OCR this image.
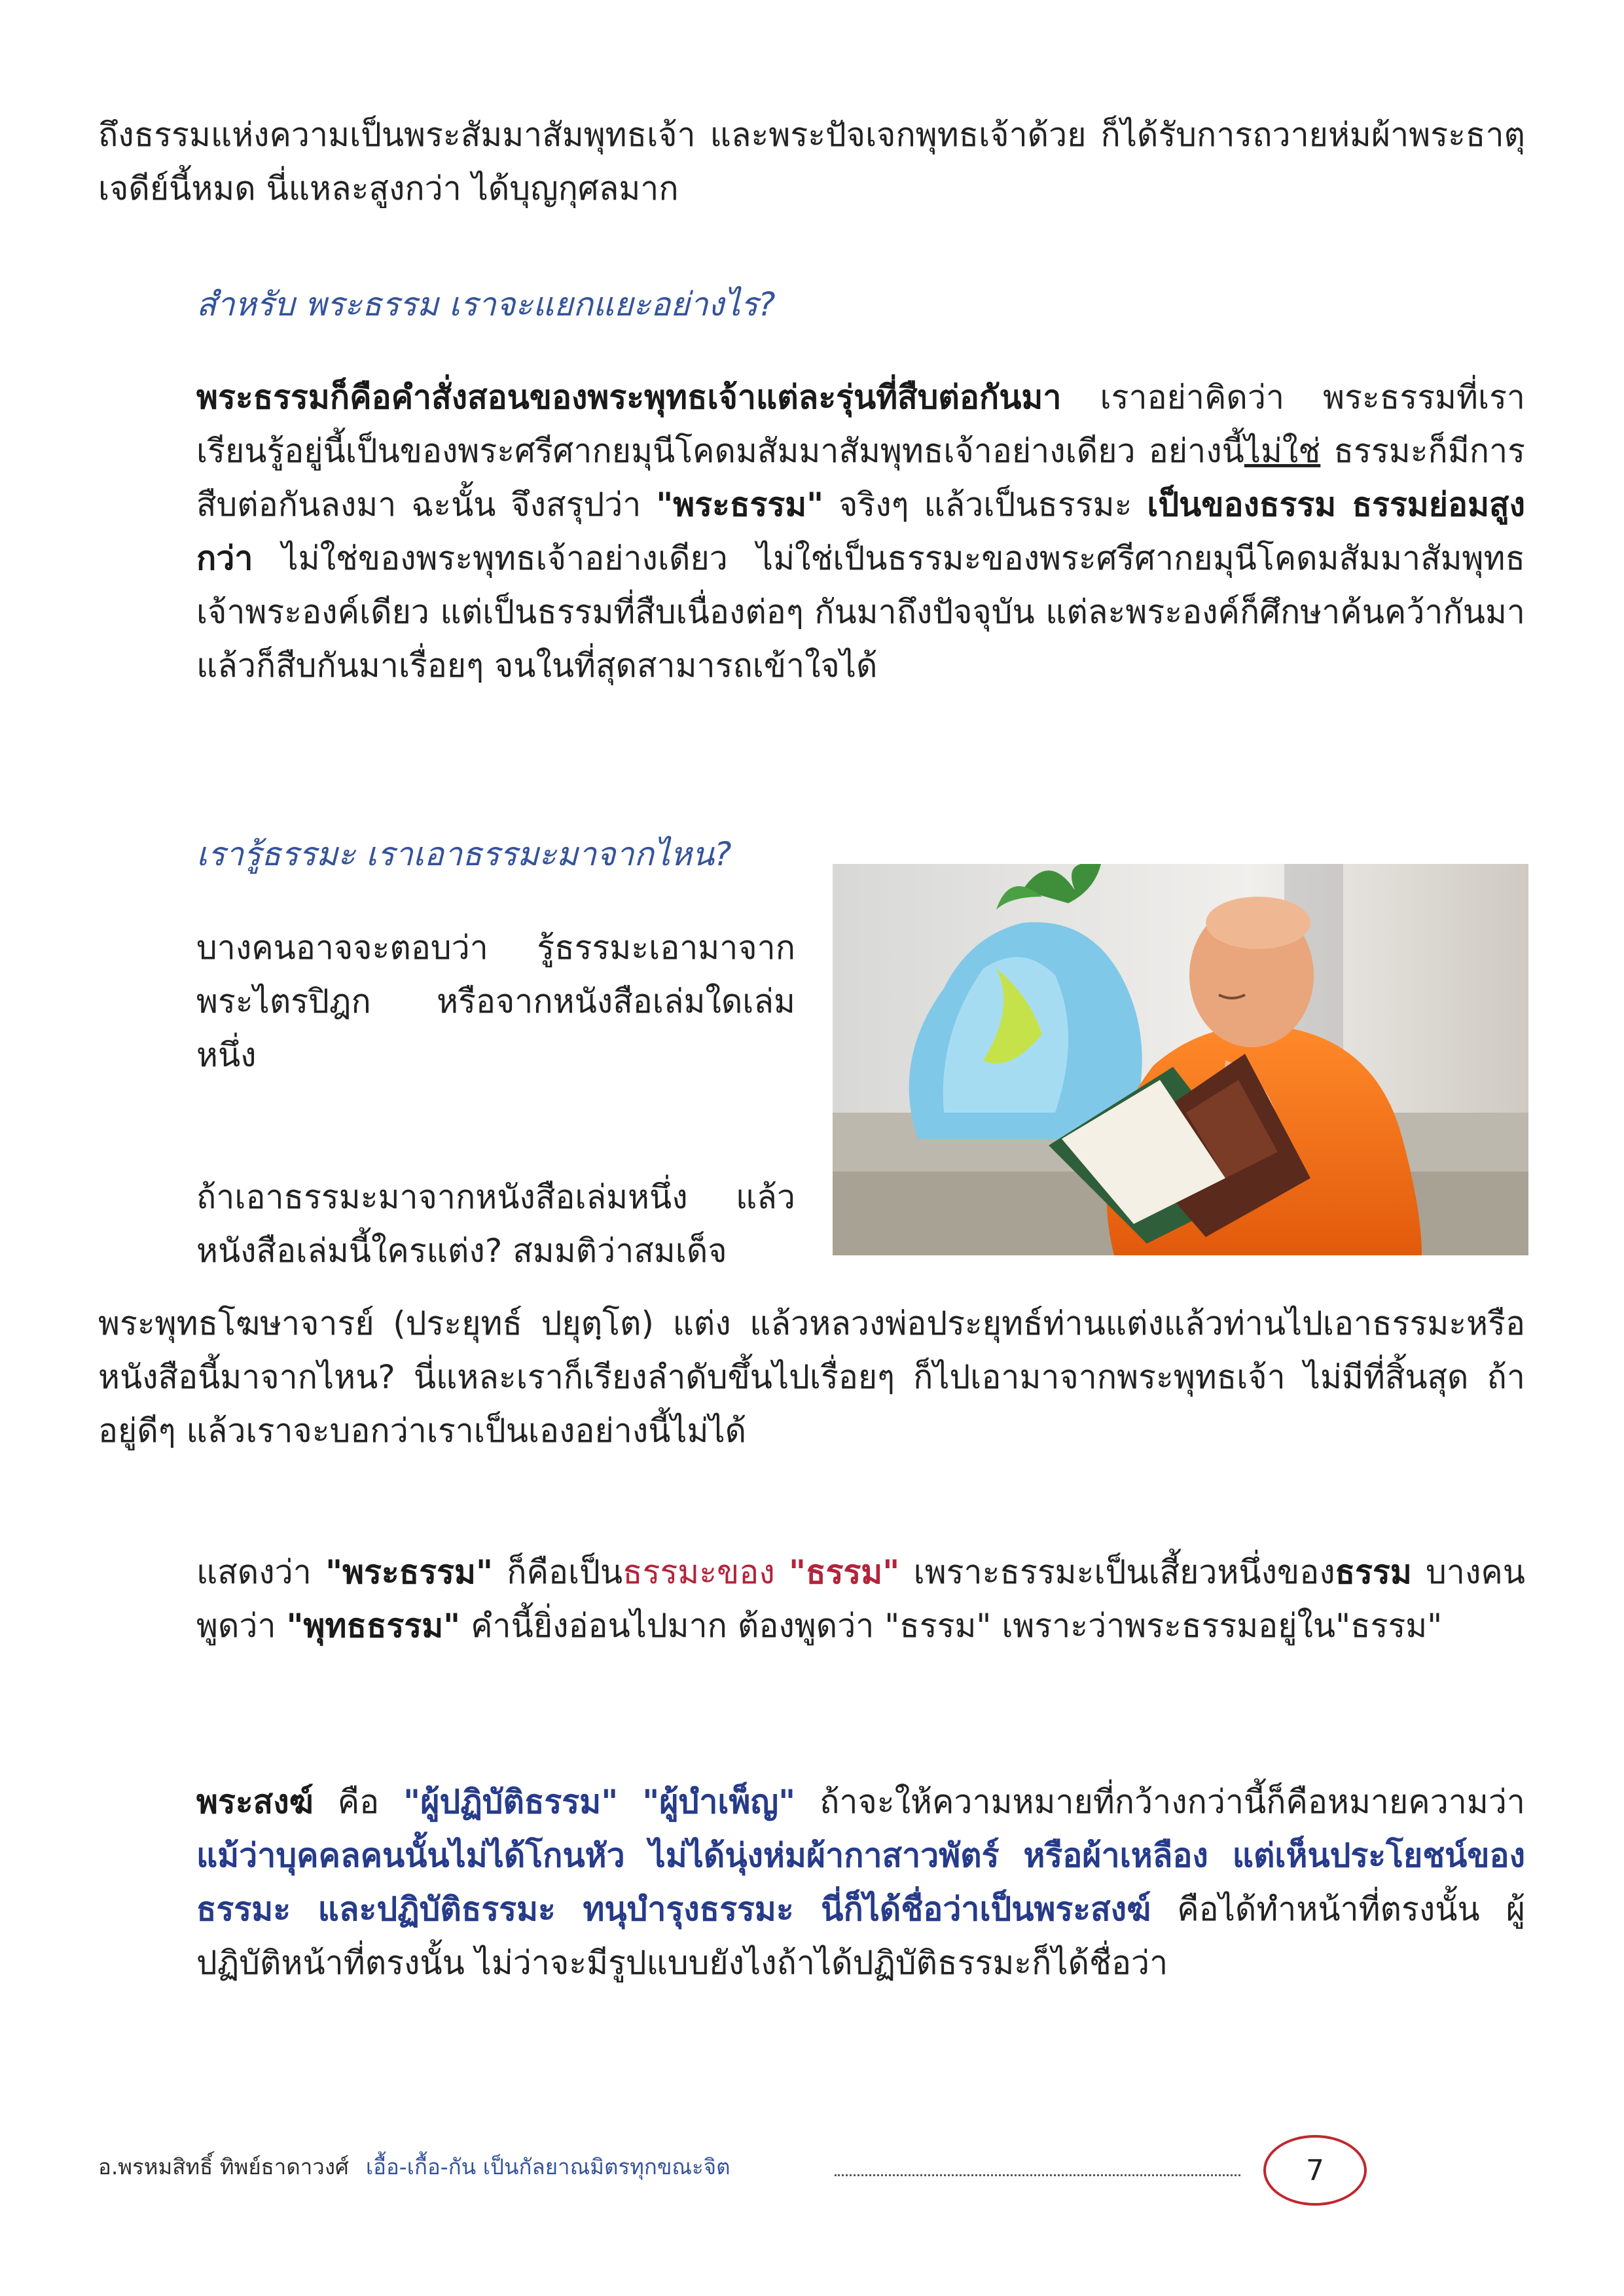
ถึงธรรมแห่งความเป็นพระสัมมาสัมพุทธเจ้า และพระปัจเจกพุทธเจ้าด้วย ก็ได้รับการถวายห่มผ้าพระธาตุเจดีย์นี้หมด นี่แหละสูงกว่า ได้บุญกุศลมาก

สำหรับ พระธรรม เราจะแยกแยะอย่างไร?

พระธรรมก็คือคำสั่งสอนของพระพุทธเจ้าแต่ละรุ่นที่สืบต่อกันมา เราอย่าคิดว่า พระธรรมที่เราเรียนรู้อยู่นี้เป็นของพระศรีศากยมุนีโคดมสัมมาสัมพุทธเจ้าอย่างเดียว อย่างนี้ไม่ใช่ ธรรมะก็มีการสืบต่อกันลงมา ฉะนั้น จึงสรุปว่า "พระธรรม" จริงๆ แล้วเป็นธรรมะ เป็นของธรรม ธรรมย่อมสูงกว่า ไม่ใช่ของพระพุทธเจ้าอย่างเดียว ไม่ใช่เป็นธรรมะของพระศรีศากยมุนีโคดมสัมมาสัมพุทธเจ้าพระองค์เดียว แต่เป็นธรรมที่สืบเนื่องต่อๆ กันมาถึงปัจจุบัน แต่ละพระองค์ก็ศึกษาค้นคว้ากันมา แล้วก็สืบกันมาเรื่อยๆ จนในที่สุดสามารถเข้าใจได้

เรารู้ธรรมะ เราเอาธรรมะมาจากไหน?

บางคนอาจจะตอบว่า รู้ธรรมะเอามาจากพระไตรปิฎก หรือจากหนังสือเล่มใดเล่มหนึ่ง

ถ้าเอาธรรมะมาจากหนังสือเล่มหนึ่ง แล้วหนังสือเล่มนี้ใครแต่ง? สมมติว่าสมเด็จ

พระพุทธโฆษาจารย์ (ประยุทธ์ ปยุตฺโต) แต่ง แล้วหลวงพ่อประยุทธ์ท่านแต่งแล้วท่านไปเอาธรรมะหรือหนังสือนี้มาจากไหน? นี่แหละเราก็เรียงลำดับขึ้นไปเรื่อยๆ ก็ไปเอามาจากพระพุทธเจ้า ไม่มีที่สิ้นสุด ถ้าอยู่ดีๆ แล้วเราจะบอกว่าเราเป็นเองอย่างนี้ไม่ได้

แสดงว่า "พระธรรม" ก็คือเป็นธรรมะของ "ธรรม" เพราะธรรมะเป็นเสี้ยวหนึ่งของธรรม บางคนพูดว่า "พุทธธรรม" คำนี้ยิ่งอ่อนไปมาก ต้องพูดว่า "ธรรม" เพราะว่าพระธรรมอยู่ใน"ธรรม"

พระสงฆ์ คือ "ผู้ปฏิบัติธรรม" "ผู้บำเพ็ญ" ถ้าจะให้ความหมายที่กว้างกว่านี้ก็คือหมายความว่า แม้ว่าบุคคลคนนั้นไม่ได้โกนหัว ไม่ได้นุ่งห่มผ้ากาสาวพัตร์ หรือผ้าเหลือง แต่เห็นประโยชน์ของธรรมะ และปฏิบัติธรรมะ ทนุบำรุงธรรมะ นี่ก็ได้ชื่อว่าเป็นพระสงฆ์ คือได้ทำหน้าที่ตรงนั้น ผู้ปฏิบัติหน้าที่ตรงนั้น ไม่ว่าจะมีรูปแบบยังไงถ้าได้ปฏิบัติธรรมะก็ได้ชื่อว่า

อ.พรหมสิทธิ์ ทิพย์ธาดาวงศ์ เอื้อ-เกื้อ-กัน เป็นกัลยาณมิตรทุกขณะจิต	7
